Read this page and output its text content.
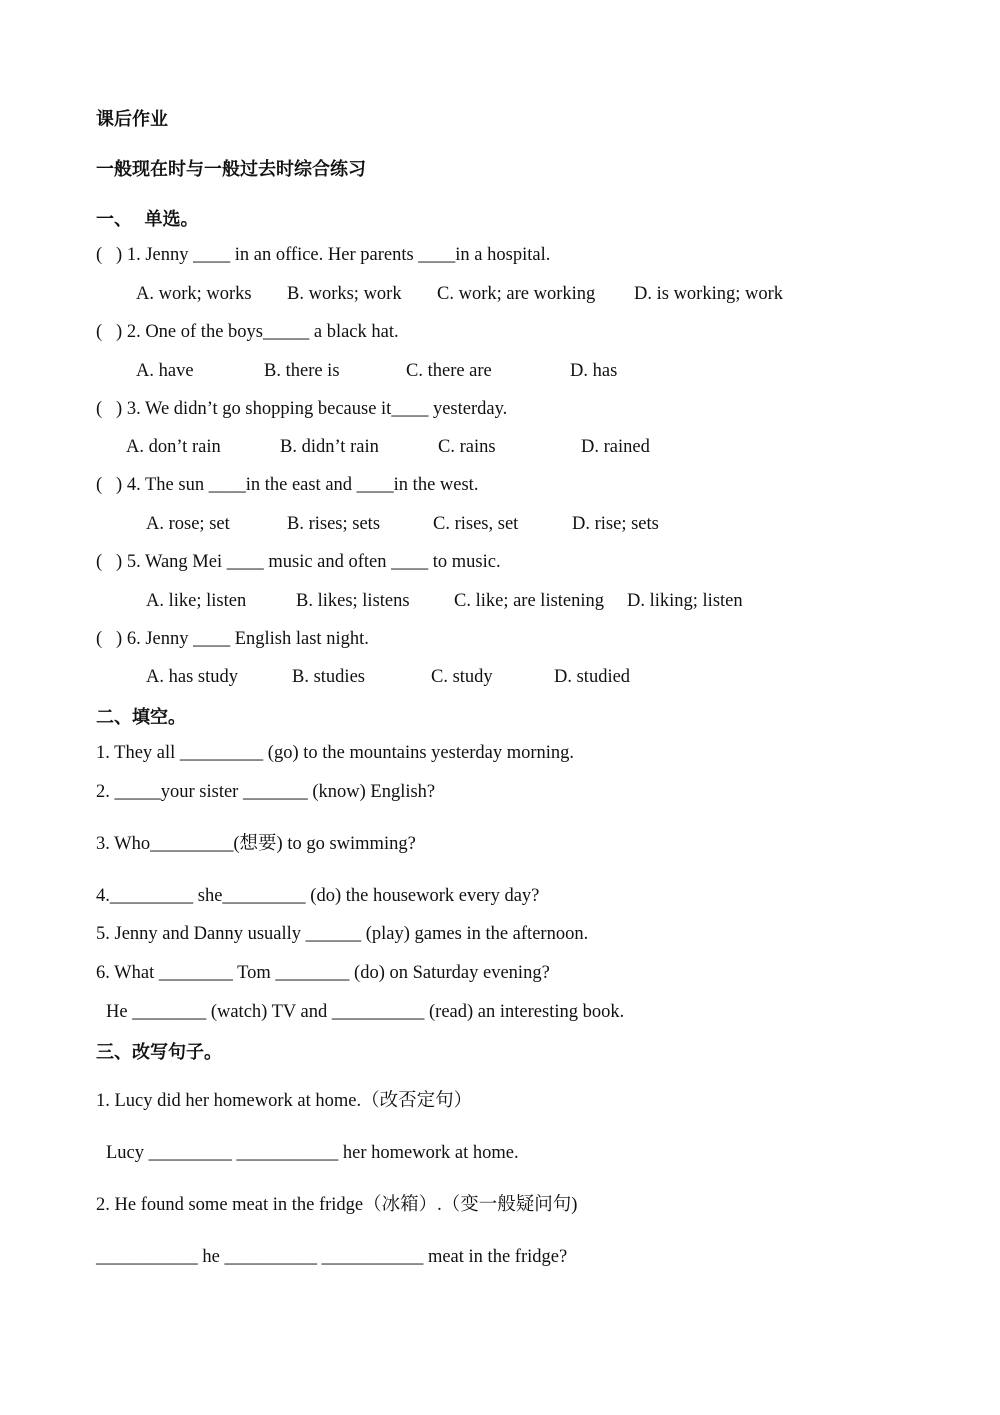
课后作业
一般现在时与一般过去时综合练习
一、  单选。
(   ) 1. Jenny ____ in an office. Her parents ____in a hospital.
A. work; works B. works; work C. work; are working D. is working; work
(   ) 2. One of the boys_____ a black hat.
A. have	B. there is	C. there are	D. has
(   ) 3. We didn’t go shopping because it____ yesterday.
A. don’t rain	B. didn’t rain	C. rains	D. rained
(   ) 4. The sun ____in the east and ____in the west.
A. rose; set	B. rises; sets	C. rises, set	D. rise; sets
(   ) 5. Wang Mei ____ music and often ____ to music.
A. like; listen	B. likes; listens C. like; are listening D. liking; listen
(   ) 6. Jenny ____ English last night.
A. has study	B. studies	C. study	D. studied
二、填空。
1. They all _________ (go) to the mountains yesterday morning.
2. _____your sister _______ (know) English?
3. Who_________(想要) to go swimming?
4._________ she_________ (do) the housework every day?
5. Jenny and Danny usually ______ (play) games in the afternoon.
6. What ________ Tom ________ (do) on Saturday evening?
He ________ (watch) TV and __________ (read) an interesting book.
三、改写句子。
1. Lucy did her homework at home.（改否定句）
Lucy _________ ___________ her homework at home.
2. He found some meat in the fridge（冰箱）.（变一般疑问句)
___________ he __________ ___________ meat in the fridge?
